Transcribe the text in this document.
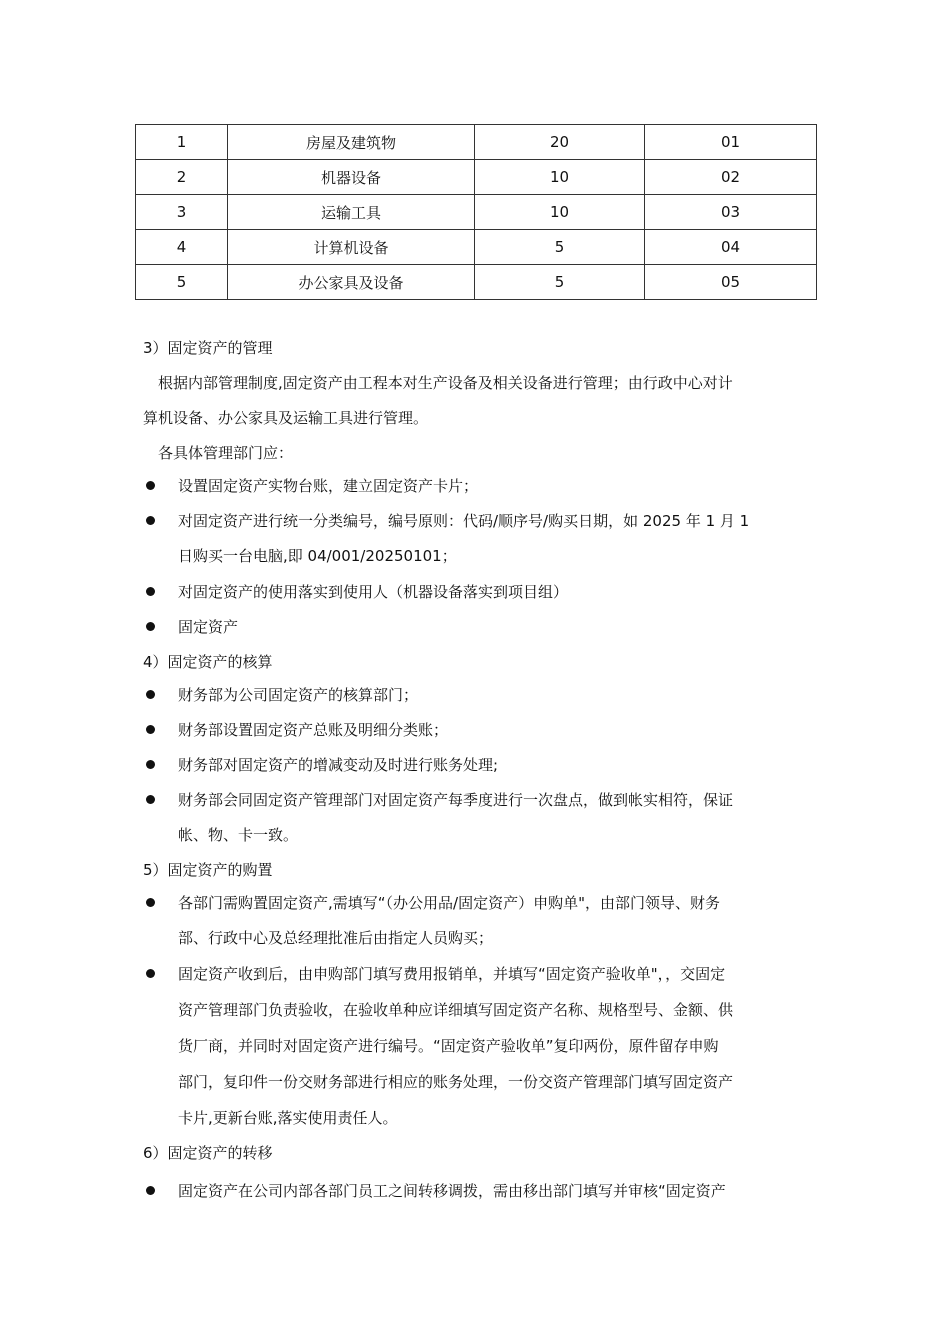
1	房屋及建筑物	20	01
2	机器设备	10	02
3	运输工具	10	03
4	计算机设备	5	04
5	办公家具及设备	5	05
3）固定资产的管理
根据内部管理制度,固定资产由工程本对生产设备及相关设备进行管理；由行政中心对计
算机设备、办公家具及运输工具进行管理。
各具体管理部门应：
设置固定资产实物台账，建立固定资产卡片；
对固定资产进行统一分类编号，编号原则：代码/顺序号/购买日期，如 2025 年 1 月 1
日购买一台电脑,即 04/001/20250101；
对固定资产的使用落实到使用人（机器设备落实到项目组）
固定资产
4）固定资产的核算
财务部为公司固定资产的核算部门；
财务部设置固定资产总账及明细分类账；
财务部对固定资产的增减变动及时进行账务处理;
财务部会同固定资产管理部门对固定资产每季度进行一次盘点，做到帐实相符，保证
帐、物、卡一致。
5）固定资产的购置
各部门需购置固定资产,需填写“（办公用品/固定资产）申购单"，由部门领导、财务
部、行政中心及总经理批准后由指定人员购买；
固定资产收到后，由申购部门填写费用报销单，并填写“固定资产验收单"，，交固定
资产管理部门负责验收，在验收单种应详细填写固定资产名称、规格型号、金额、供
货厂商，并同时对固定资产进行编号。“固定资产验收单”复印两份，原件留存申购
部门，复印件一份交财务部进行相应的账务处理，一份交资产管理部门填写固定资产
卡片,更新台账,落实使用责任人。
6）固定资产的转移
固定资产在公司内部各部门员工之间转移调拨，需由移出部门填写并审核“固定资产
